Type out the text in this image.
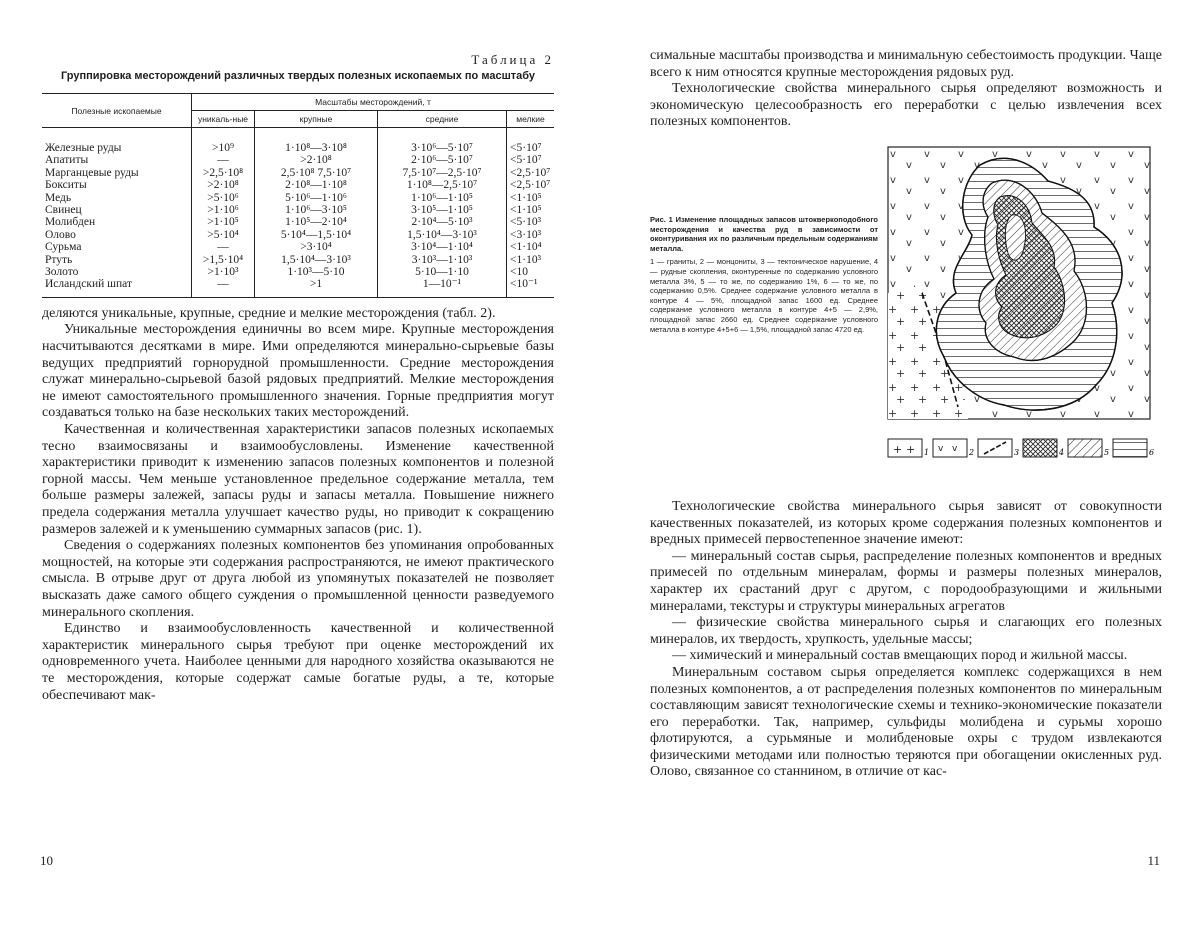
Таблица 2
Группировка месторождений различных твердых полезных ископаемых по масштабу
Полезные ископаемые	Масштабы месторождений, т			
	уникаль-ные	крупные	средние	мелкие
Железные руды	>10⁹	1·10⁸—3·10⁸	3·10⁶—5·10⁷	<5·10⁷
Апатиты	—	>2·10⁸	2·10⁶—5·10⁷	<5·10⁷
Марганцевые руды	>2,5·10⁸	2,5·10⁸ 7,5·10⁷	7,5·10⁷—2,5·10⁷	<2,5·10⁷
Бокситы	>2·10⁸	2·10⁸—1·10⁸	1·10⁸—2,5·10⁷	<2,5·10⁷
Медь	>5·10⁶	5·10⁶—1·10⁶	1·10⁶—1·10⁵	<1·10⁵
Свинец	>1·10⁶	1·10⁶—3·10⁵	3·10⁵—1·10⁵	<1·10⁵
Молибден	>1·10⁵	1·10⁵—2·10⁴	2·10⁴—5·10³	<5·10³
Олово	>5·10⁴	5·10⁴—1,5·10⁴	1,5·10⁴—3·10³	<3·10³
Сурьма	—	>3·10⁴	3·10⁴—1·10⁴	<1·10⁴
Ртуть	>1,5·10⁴	1,5·10⁴—3·10³	3·10³—1·10³	<1·10³
Золото	>1·10³	1·10³—5·10	5·10—1·10	<10
Исландский шпат	—	>1	1—10⁻¹	<10⁻¹

деляются уникальные, крупные, средние и мелкие месторождения (табл. 2).

Уникальные месторождения единичны во всем мире. Крупные месторождения насчитываются десятками в мире. Ими определяются минерально-сырьевые базы ведущих предприятий горнорудной промышленности. Средние месторождения служат минерально-сырьевой базой рядовых предприятий. Мелкие месторождения не имеют самостоятельного промышленного значения. Горные предприятия могут создаваться только на базе нескольких таких месторождений.

Качественная и количественная характеристики запасов полезных ископаемых тесно взаимосвязаны и взаимообусловлены. Изменение качественной характеристики приводит к изменению запасов полезных компонентов и полезной горной массы. Чем меньше установленное предельное содержание металла, тем больше размеры залежей, запасы руды и запасы металла. Повышение нижнего предела содержания металла улучшает качество руды, но приводит к сокращению размеров залежей и к уменьшению суммарных запасов (рис. 1).

Сведения о содержаниях полезных компонентов без упоминания опробованных мощностей, на которые эти содержания распространяются, не имеют практического смысла. В отрыве друг от друга любой из упомянутых показателей не позволяет высказать даже самого общего суждения о промышленной ценности разведуемого минерального скопления.

Единство и взаимообусловленность качественной и количественной характеристик минерального сырья требуют при оценке месторождений их одновременного учета. Наиболее ценными для народного хозяйства оказываются не те месторождения, которые содержат самые богатые руды, а те, которые обеспечивают мак-

10

симальные масштабы производства и минимальную себестоимость продукции. Чаще всего к ним относятся крупные месторождения рядовых руд.

Технологические свойства минерального сырья определяют возможность и экономическую целесообразность его переработки с целью извлечения всех полезных компонентов.

Рис. 1 Изменение площадных запасов штокверкоподобного месторождения и качества руд в зависимости от оконтуривания их по различным предельным содержаниям металла.
1 — граниты, 2 — монцониты, 3 — тектоническое нарушение, 4 — рудные скопления, оконтуренные по содержанию условного металла 3%, 5 — то же, по содержанию 1%, 6 — то же, по содержанию 0,5%. Среднее содержание условного металла в контуре 4 — 5%, площадной запас 1600 ед. Среднее содержание условного металла в контуре 4+5 — 2,9%, площадной запас 2660 ед. Среднее содержание условного металла в контуре 4+5+6 — 1,5%, площадной запас 4720 ед.
+ + 1 v v 2	3	4	5	6

Технологические свойства минерального сырья зависят от совокупности качественных показателей, из которых кроме содержания полезных компонентов и вредных примесей первостепенное значение имеют:

— минеральный состав сырья, распределение полезных компонентов и вредных примесей по отдельным минералам, формы и размеры полезных минералов, характер их срастаний друг с другом, с породообразующими и жильными минералами, текстуры и структуры минеральных агрегатов

— физические свойства минерального сырья и слагающих его полезных минералов, их твердость, хрупкость, удельные массы;

— химический и минеральный состав вмещающих пород и жильной массы.

Минеральным составом сырья определяется комплекс содержащихся в нем полезных компонентов, а от распределения полезных компонентов по минеральным составляющим зависят технологические схемы и технико-экономические показатели его переработки. Так, например, сульфиды молибдена и сурьмы хорошо флотируются, а сурьмяные и молибденовые охры с трудом извлекаются физическими методами или полностью теряются при обогащении окисленных руд. Олово, связанное со станнином, в отличие от кас-

11
